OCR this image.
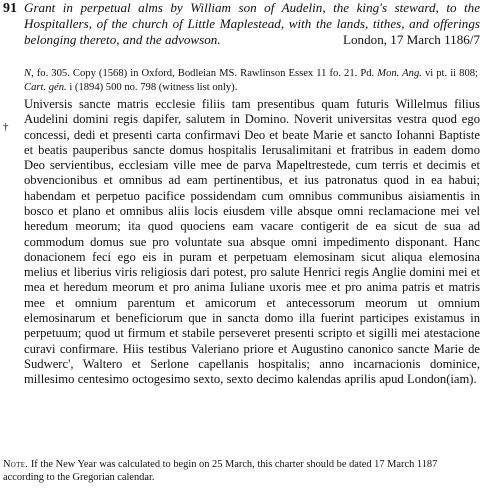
91 Grant in perpetual alms by William son of Audelin, the king's steward, to the Hospitallers, of the church of Little Maplestead, with the lands, tithes, and offerings belonging thereto, and the advowson.	London, 17 March 1186/7
N, fo. 305. Copy (1568) in Oxford, Bodleian MS. Rawlinson Essex 11 fo. 21. Pd. Mon. Ang. vi pt. ii 808; Cart. gén. i (1894) 500 no. 798 (witness list only).
†
Universis sancte matris ecclesie filiis tam presentibus quam futuris Willelmus filius Audelini domini regis dapifer, salutem in Domino. Noverit universitas vestra quod ego concessi, dedi et presenti carta confirmavi Deo et beate Marie et sancto Iohanni Baptiste et beatis pauperibus sancte domus hospitalis Ierusalimitani et fratribus in eadem domo Deo servientibus, ecclesiam ville mee de parva Mapeltrestede, cum terris et decimis et obvencionibus et omnibus ad eam pertinentibus, et ius patronatus quod in ea habui; habendam et perpetuo pacifice possidendam cum omnibus communibus aisiamentis in bosco et plano et omnibus aliis locis eiusdem ville absque omni reclamacione mei vel heredum meorum; ita quod quociens eam vacare contigerit de ea sicut de sua ad commodum domus sue pro voluntate sua absque omni impedimento disponant. Hanc donacionem feci ego eis in puram et perpetuam elemosinam sicut aliqua elemosina melius et liberius viris religiosis dari potest, pro salute Henrici regis Anglie domini mei et mea et heredum meorum et pro anima Iuliane uxoris mee et pro anima patris et matris mee et omnium parentum et amicorum et antecessorum meorum ut omnium elemosinarum et beneficiorum que in sancta domo illa fuerint participes existamus in perpetuum; quod ut firmum et stabile perseveret presenti scripto et sigilli mei atestacione curavi confirmare. Hiis testibus Valeriano priore et Augustino canonico sancte Marie de Sudwerc', Waltero et Serlone capellanis hospitalis; anno incarnacionis dominice, millesimo centesimo octogesimo sexto, sexto decimo kalendas aprilis apud London(iam).
Note. If the New Year was calculated to begin on 25 March, this charter should be dated 17 March 1187 according to the Gregorian calendar.
